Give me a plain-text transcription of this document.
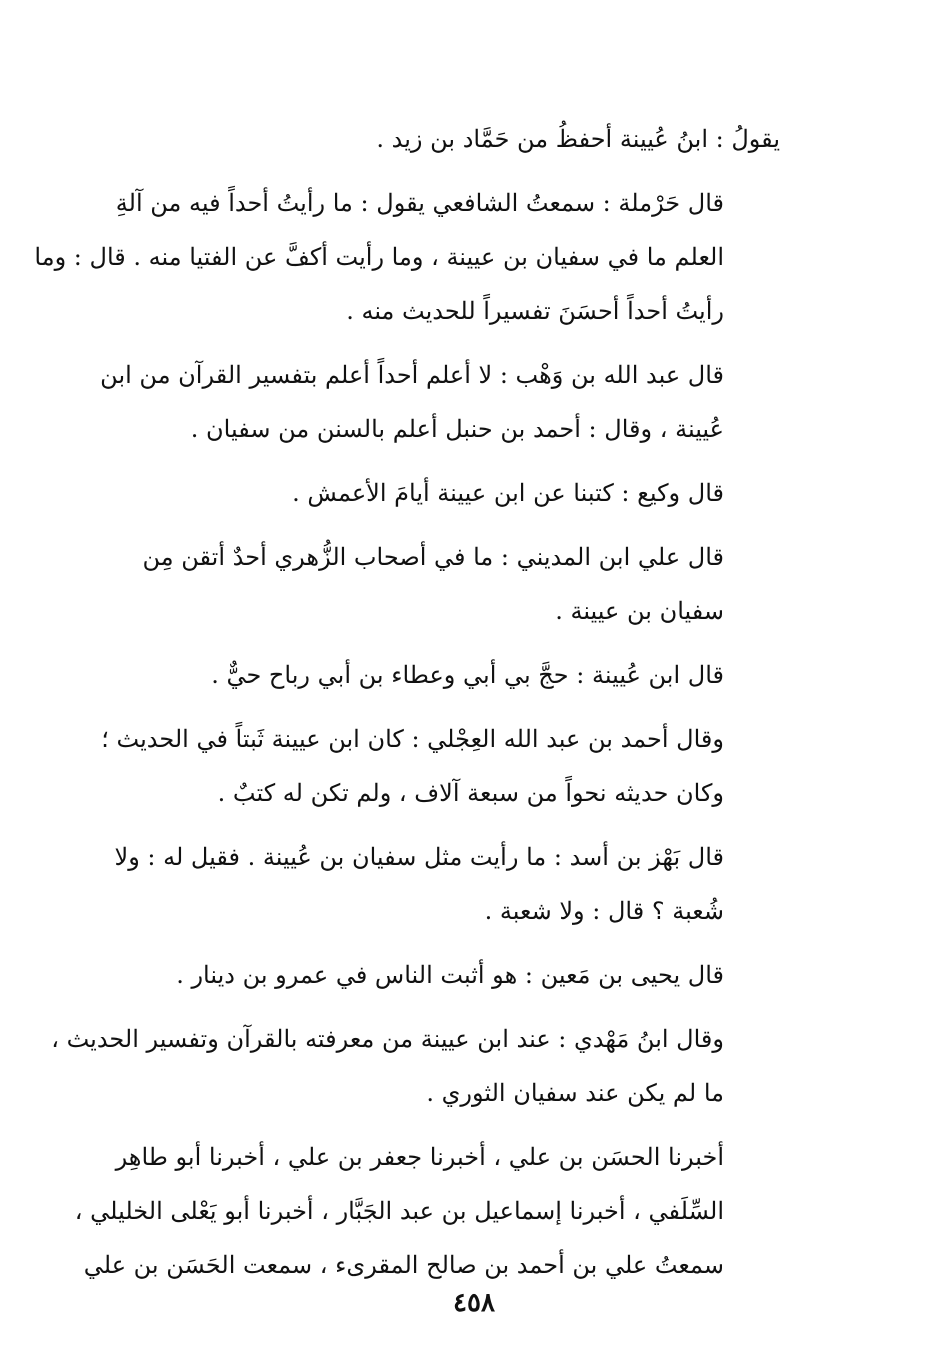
يقولُ : ابنُ عُيينة أحفظُ من حَمَّاد بن زيد .

قال حَرْملة : سمعتُ الشافعي يقول : ما رأيتُ أحداً فيه من آلةِ
العلم ما في سفيان بن عيينة ، وما رأيت أكفَّ عن الفتيا منه . قال : وما
رأيتُ أحداً أحسَنَ تفسيراً للحديث منه .

قال عبد الله بن وَهْب : لا أعلم أحداً أعلم بتفسير القرآن من ابن
عُيينة ، وقال : أحمد بن حنبل أعلم بالسنن من سفيان .

قال وكيع : كتبنا عن ابن عيينة أيامَ الأعمش .

قال علي ابن المديني : ما في أصحاب الزُّهري أحدٌ أتقن مِن
سفيان بن عيينة .

قال ابن عُيينة : حجَّ بي أبي وعطاء بن أبي رباح حيٌّ .

وقال أحمد بن عبد الله العِجْلي : كان ابن عيينة ثَبتاً في الحديث ؛
وكان حديثه نحواً من سبعة آلاف ، ولم تكن له كتبٌ .

قال بَهْز بن أسد : ما رأيت مثل سفيان بن عُيينة . فقيل له : ولا
شُعبة ؟ قال : ولا شعبة .

قال يحيى بن مَعين : هو أثبت الناس في عمرو بن دينار .

وقال ابنُ مَهْدي : عند ابن عيينة من معرفته بالقرآن وتفسير الحديث ،
ما لم يكن عند سفيان الثوري .

أخبرنا الحسَن بن علي ، أخبرنا جعفر بن علي ، أخبرنا أبو طاهِر
السِّلَفي ، أخبرنا إسماعيل بن عبد الجَبَّار ، أخبرنا أبو يَعْلى الخليلي ،
سمعتُ علي بن أحمد بن صالح المقرىء ، سمعت الحَسَن بن علي

٤٥٨
